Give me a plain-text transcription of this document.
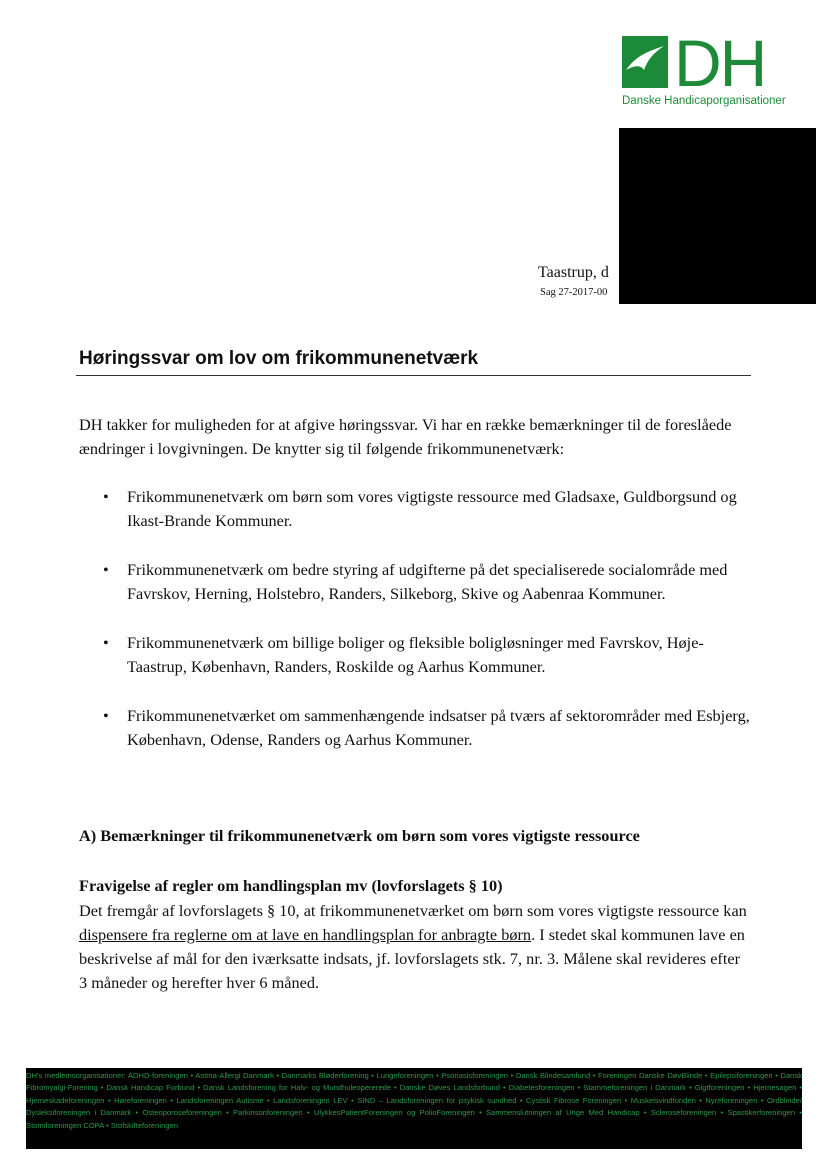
DH
Danske Handicaporganisationer
Taastrup, d
Sag 27-2017-00
Høringssvar om lov om frikommunenetværk
DH takker for muligheden for at afgive høringssvar. Vi har en række bemærkninger til de foreslåede ændringer i lovgivningen. De knytter sig til følgende frikommunenetværk:
• Frikommunenetværk om børn som vores vigtigste ressource med Gladsaxe, Guldborgsund og Ikast-Brande Kommuner.
• Frikommunenetværk om bedre styring af udgifterne på det specialiserede socialområde med Favrskov, Herning, Holstebro, Randers, Silkeborg, Skive og Aabenraa Kommuner.
• Frikommunenetværk om billige boliger og fleksible boligløsninger med Favrskov, Høje-Taastrup, København, Randers, Roskilde og Aarhus Kommuner.
• Frikommunenetværket om sammenhængende indsatser på tværs af sektorområder med Esbjerg, København, Odense, Randers og Aarhus Kommuner.
A) Bemærkninger til frikommunenetværk om børn som vores vigtigste ressource
Fravigelse af regler om handlingsplan mv (lovforslagets § 10)
Det fremgår af lovforslagets § 10, at frikommunenetværket om børn som vores vigtigste ressource kan dispensere fra reglerne om at lave en handlingsplan for anbragte børn. I stedet skal kommunen lave en beskrivelse af mål for den iværksatte indsats, jf. lovforslagets stk. 7, nr. 3. Målene skal revideres efter 3 måneder og herefter hver 6 måned.
DH's medlemsorganisationer: ADHD-foreningen • Astma-Allergi Danmark • Danmarks Bløderforening • Lungeforeningen • Psoriasisforeningen • Dansk Blindesamfund • Foreningen Danske DøvBlinde • Epilepsiforeningen • Dansk Fibromyalgi-Forening • Dansk Handicap Forbund • Dansk Landsforening for Halv- og Mundhuleopererede • Danske Døves Landsforbund • Diabetesforeningen • Stammeforeningen i Danmark • Gigtforeningen • Hjernesagen • Hjerneskadeforeningen • Høreforeningen • Landsforeningen Autisme • Landsforeningen LEV • SIND – Landsforeningen for psykisk sundhed • Cystisk Fibrose Foreningen • Muskelsvindfonden • Nyreforeningen • Ordblinde/ Dysleksiforeningen i Danmark • Osteoporoseforeningen • Parkinsonforeningen • UlykkesPatientForeningen og PolioForeningen • Sammenslutningen af Unge Med Handicap • Scleroseforeningen • Spastikerforeningen • Stomiforeningen COPA • Stofskifteforeningen
